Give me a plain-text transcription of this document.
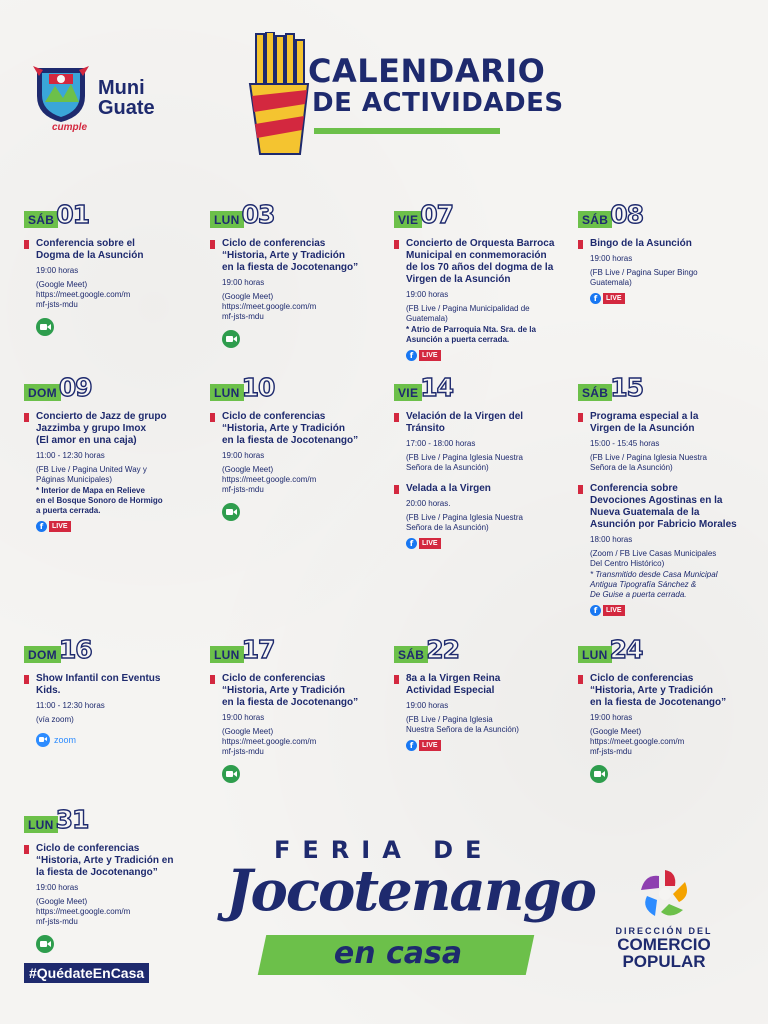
Muni
Guate
cumple
CALENDARIO
DE ACTIVIDADES
SÁB 01
Conferencia sobre el
Dogma de la Asunción
19:00 horas
(Google Meet)
https://meet.google.com/m
mf-jsts-mdu
LUN 03
Ciclo de conferencias
“Historia, Arte y Tradición
en la fiesta de Jocotenango”
19:00 horas
(Google Meet)
https://meet.google.com/m
mf-jsts-mdu
VIE 07
Concierto de Orquesta Barroca
Municipal en conmemoración
de los 70 años del dogma de la
Virgen de la Asunción
19:00 horas
(FB Live / Pagina Municipalidad de
Guatemala)
* Atrio de Parroquia Nta. Sra. de la
Asunción a puerta cerrada.
f	LIVE
SÁB 08
Bingo de la Asunción
19:00 horas
(FB Live / Pagina Super Bingo
Guatemala)
f	LIVE
DOM 09
Concierto de Jazz de grupo
Jazzimba y grupo Imox
(El amor en una caja)
11:00 - 12:30 horas
(FB Live / Pagina United Way y
Páginas Municipales)
* Interior de Mapa en Relieve
en el Bosque Sonoro de Hormigo
a puerta cerrada.
f	LIVE
LUN 10
Ciclo de conferencias
“Historia, Arte y Tradición
en la fiesta de Jocotenango”
19:00 horas
(Google Meet)
https://meet.google.com/m
mf-jsts-mdu
VIE 14
Velación de la Virgen del
Tránsito
17:00 - 18:00 horas
(FB Live / Pagina Iglesia Nuestra
Señora de la Asunción)
Velada a la Virgen
20:00 horas.
(FB Live / Pagina Iglesia Nuestra
Señora de la Asunción)
f	LIVE
SÁB 15
Programa especial a la
Virgen de la Asunción
15:00 - 15:45 horas
(FB Live / Pagina Iglesia Nuestra
Señora de la Asunción)
Conferencia sobre
Devociones Agostinas en la
Nueva Guatemala de la
Asunción por Fabricio Morales
18:00 horas
(Zoom / FB Live Casas Municipales
Del Centro Histórico)
* Transmitido desde Casa Municipal
Antigua Tipografía Sánchez &
De Guise a puerta cerrada.
f	LIVE
DOM 16
Show Infantil con Eventus
Kids.
11:00 - 12:30 horas
(vía zoom)
zoom
LUN 17
Ciclo de conferencias
“Historia, Arte y Tradición
en la fiesta de Jocotenango”
19:00 horas
(Google Meet)
https://meet.google.com/m
mf-jsts-mdu
SÁB 22
8a a la Virgen Reina
Actividad Especial
19:00 horas
(FB Live / Pagina Iglesia
Nuestra Señora de la Asunción)
f	LIVE
LUN 24
Ciclo de conferencias
“Historia, Arte y Tradición
en la fiesta de Jocotenango”
19:00 horas
(Google Meet)
https://meet.google.com/m
mf-jsts-mdu
LUN 31
Ciclo de conferencias
“Historia, Arte y Tradición en
la fiesta de Jocotenango”
19:00 horas
(Google Meet)
https://meet.google.com/m
mf-jsts-mdu
#QuédateEnCasa
FERIA DE
Jocotenango
en casa
DIRECCIÓN DEL
COMERCIO
POPULAR
